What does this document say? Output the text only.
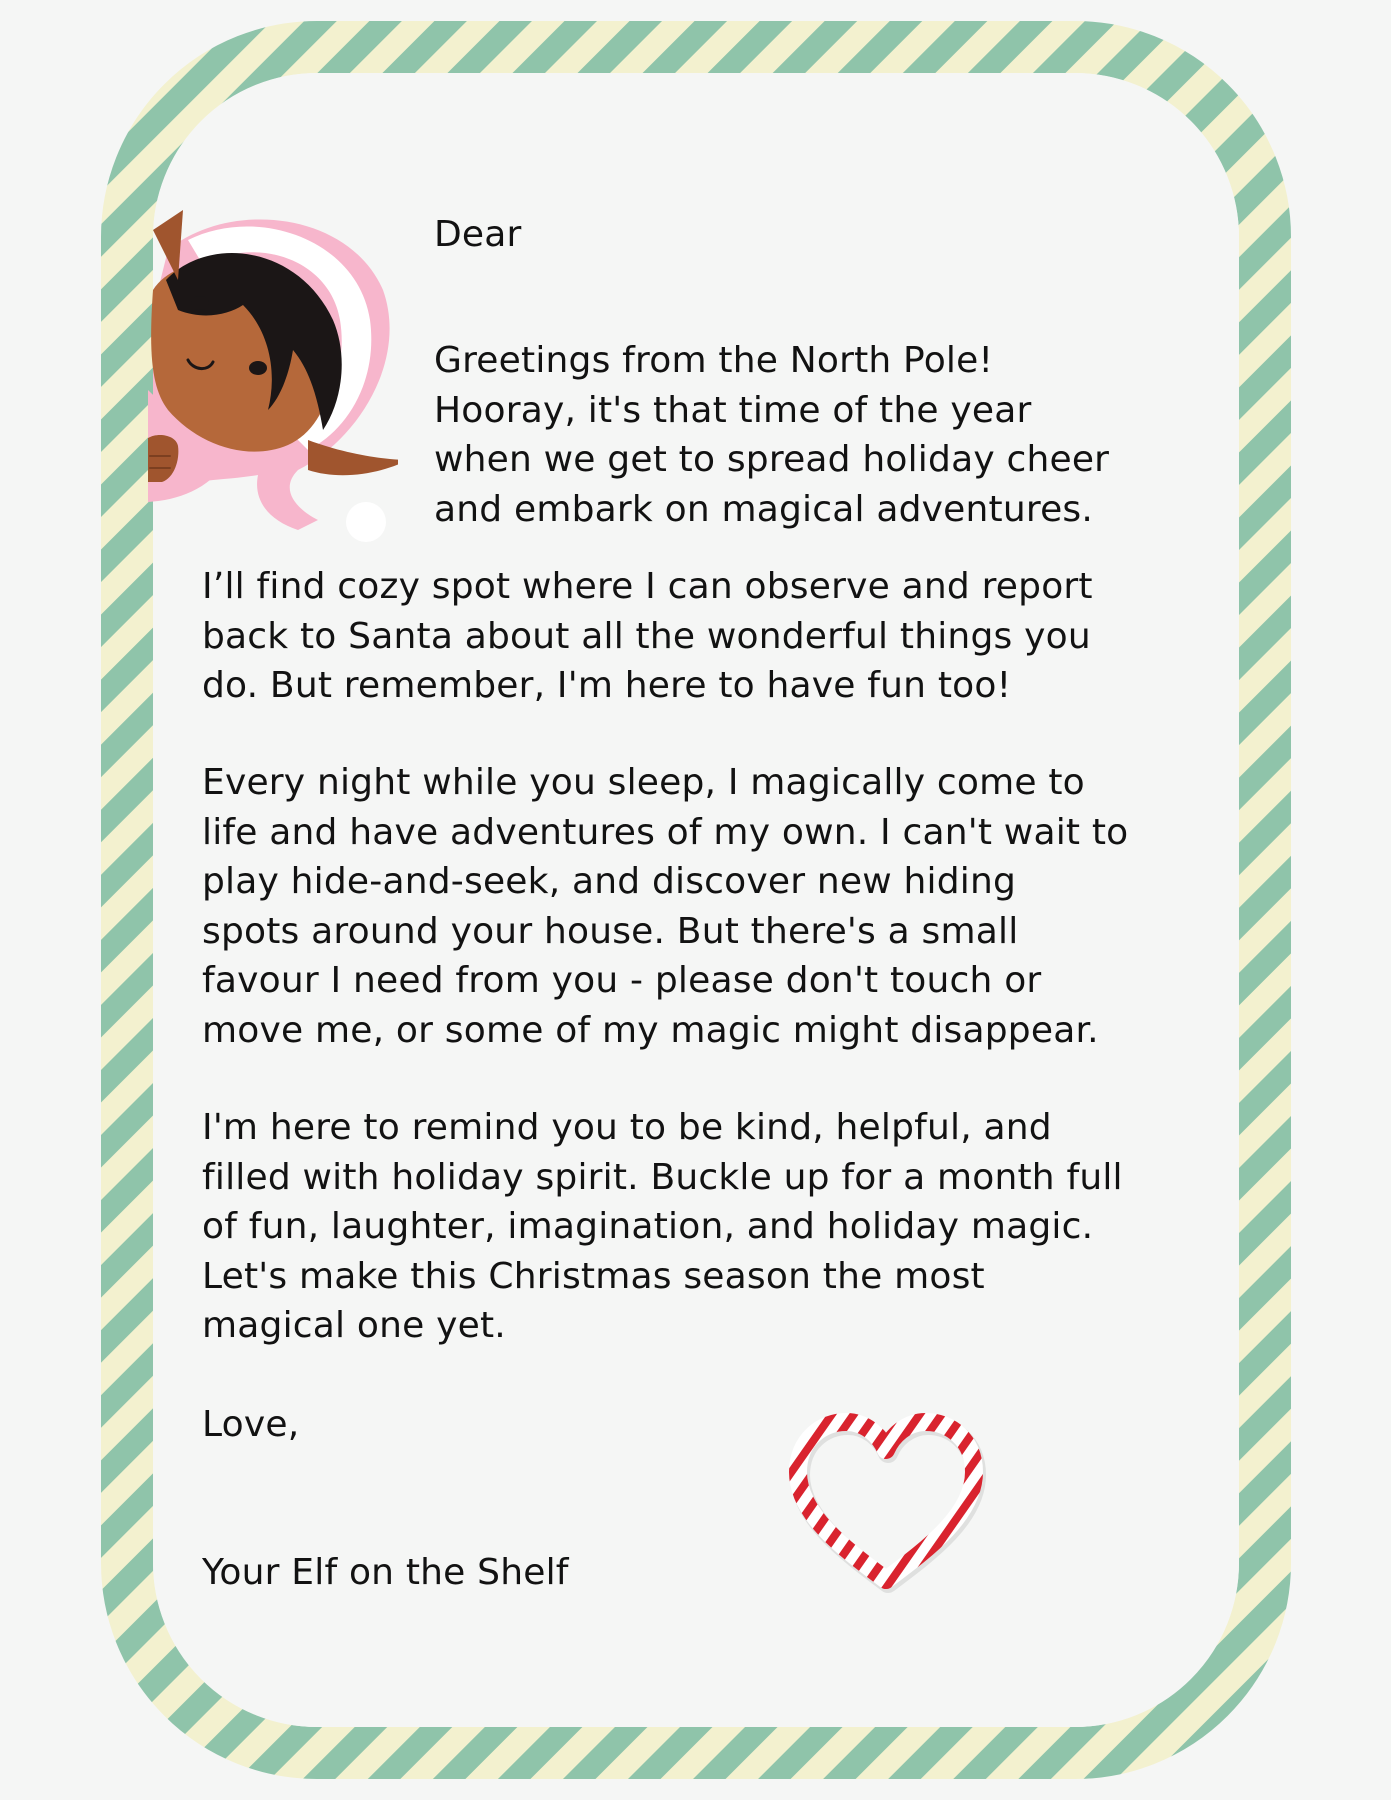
Dear

Greetings from the North Pole!
Hooray, it's that time of the year
when we get to spread holiday cheer
and embark on magical adventures.

I’ll find cozy spot where I can observe and report
back to Santa about all the wonderful things you
do. But remember, I'm here to have fun too!

Every night while you sleep, I magically come to
life and have adventures of my own. I can't wait to
play hide-and-seek, and discover new hiding
spots around your house. But there's a small
favour I need from you - please don't touch or
move me, or some of my magic might disappear.

I'm here to remind you to be kind, helpful, and
filled with holiday spirit. Buckle up for a month full
of fun, laughter, imagination, and holiday magic.
Let's make this Christmas season the most
magical one yet.

Love,

Your Elf on the Shelf
